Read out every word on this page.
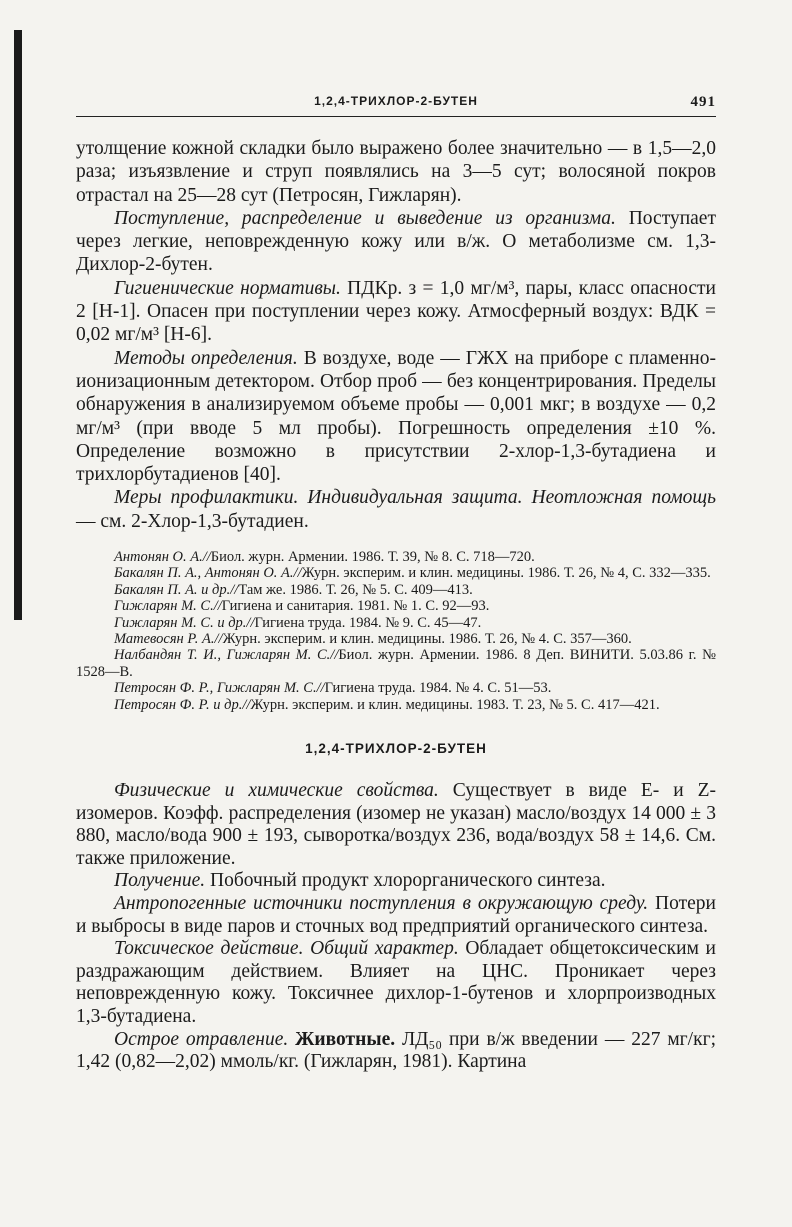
1,2,4-ТРИХЛОР-2-БУТЕН	491

утолщение кожной складки было выражено более значительно — в 1,5—2,0 раза; изъязвление и струп появлялись на 3—5 сут; волосяной покров отрастал на 25—28 сут (Петросян, Гижларян).

Поступление, распределение и выведение из организма. Поступает через легкие, неповрежденную кожу или в/ж. О метаболизме см. 1,3-Дихлор-2-бутен.

Гигиенические нормативы. ПДКр. з = 1,0 мг/м³, пары, класс опасности 2 [Н-1]. Опасен при поступлении через кожу. Атмосферный воздух: ВДК = 0,02 мг/м³ [Н-6].

Методы определения. В воздухе, воде — ГЖХ на приборе с пламенно-ионизационным детектором. Отбор проб — без концентрирования. Пределы обнаружения в анализируемом объеме пробы — 0,001 мкг; в воздухе — 0,2 мг/м³ (при вводе 5 мл пробы). Погрешность определения ±10 %. Определение возможно в присутствии 2-хлор-1,3-бутадиена и трихлорбутадиенов [40].

Меры профилактики. Индивидуальная защита. Неотложная помощь — см. 2-Хлор-1,3-бутадиен.

Антонян О. А.//Биол. журн. Армении. 1986. Т. 39, № 8. С. 718—720.

Бакалян П. А., Антонян О. А.//Журн. эксперим. и клин. медицины. 1986. Т. 26, № 4, С. 332—335.

Бакалян П. А. и др.//Там же. 1986. Т. 26, № 5. С. 409—413.

Гижларян М. С.//Гигиена и санитария. 1981. № 1. С. 92—93.

Гижларян М. С. и др.//Гигиена труда. 1984. № 9. С. 45—47.

Матевосян Р. А.//Журн. эксперим. и клин. медицины. 1986. Т. 26, № 4. С. 357—360.

Налбандян Т. И., Гижларян М. С.//Биол. журн. Армении. 1986. 8 Деп. ВИНИТИ. 5.03.86 г. № 1528—В.

Петросян Ф. Р., Гижларян М. С.//Гигиена труда. 1984. № 4. С. 51—53.

Петросян Ф. Р. и др.//Журн. эксперим. и клин. медицины. 1983. Т. 23, № 5. С. 417—421.

1,2,4-ТРИХЛОР-2-БУТЕН

Физические и химические свойства. Существует в виде Е- и Z-изомеров. Коэфф. распределения (изомер не указан) масло/воздух 14 000 ± 3 880, масло/вода 900 ± 193, сыворотка/воздух 236, вода/воздух 58 ± 14,6. См. также приложение.

Получение. Побочный продукт хлорорганического синтеза.

Антропогенные источники поступления в окружающую среду. Потери и выбросы в виде паров и сточных вод предприятий органического синтеза.

Токсическое действие. Общий характер. Обладает общетоксическим и раздражающим действием. Влияет на ЦНС. Проникает через неповрежденную кожу. Токсичнее дихлор-1-бутенов и хлорпроизводных 1,3-бутадиена.

Острое отравление. Животные. ЛД₅₀ при в/ж введении — 227 мг/кг; 1,42 (0,82—2,02) ммоль/кг. (Гижларян, 1981). Картина
